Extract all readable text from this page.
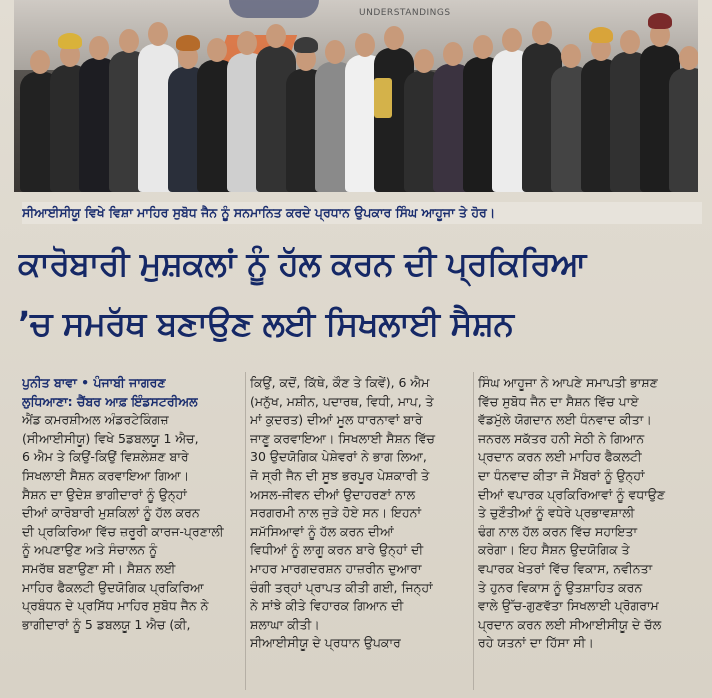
UNDERSTANDINGS
ਸੀਆਈਸੀਯੂ ਵਿਖੇ ਵਿਸ਼ਾ ਮਾਹਿਰ ਸੁਬੋਧ ਜੈਨ ਨੂੰ ਸਨਮਾਨਿਤ ਕਰਦੇ ਪ੍ਰਧਾਨ ਉਪਕਾਰ ਸਿੰਘ ਆਹੂਜਾ ਤੇ ਹੋਰ।
ਕਾਰੋਬਾਰੀ ਮੁਸ਼ਕਲਾਂ ਨੂੰ ਹੱਲ ਕਰਨ ਦੀ ਪ੍ਰਕਿਰਿਆ
’ਚ ਸਮਰੱਥ ਬਣਾਉਣ ਲਈ ਸਿਖਲਾਈ ਸੈਸ਼ਨ

ਪੁਨੀਤ ਬਾਵਾ • ਪੰਜਾਬੀ ਜਾਗਰਣ

ਲੁਧਿਆਣਾ: ਚੈਂਬਰ ਆਫ਼ ਇੰਡਸਟਰੀਅਲ

ਐਂਡ ਕਮਰਸ਼ੀਅਲ ਅੰਡਰਟੇਕਿੰਗਜ਼

(ਸੀਆਈਸੀਯੂ) ਵਿਖੇ 5ਡਬਲਯੂ 1 ਐਚ,

6 ਐਮ ਤੇ ਕਿਉਂ-ਕਿਉਂ ਵਿਸ਼ਲੇਸ਼ਣ ਬਾਰੇ

ਸਿਖਲਾਈ ਸੈਸ਼ਨ ਕਰਵਾਇਆ ਗਿਆ।

ਸੈਸ਼ਨ ਦਾ ਉਦੇਸ਼ ਭਾਗੀਦਾਰਾਂ ਨੂੰ ਉਨ੍ਹਾਂ

ਦੀਆਂ ਕਾਰੋਬਾਰੀ ਮੁਸ਼ਕਿਲਾਂ ਨੂੰ ਹੱਲ ਕਰਨ

ਦੀ ਪ੍ਰਕਿਰਿਆ ਵਿੱਚ ਜ਼ਰੂਰੀ ਕਾਰਜ-ਪ੍ਰਣਾਲੀ

ਨੂੰ ਅਪਣਾਉਣ ਅਤੇ ਸੰਚਾਲਨ ਨੂੰ

ਸਮਰੱਥ ਬਣਾਉਣਾ ਸੀ। ਸੈਸ਼ਨ ਲਈ

ਮਾਹਿਰ ਫੈਕਲਟੀ ਉਦਯੋਗਿਕ ਪ੍ਰਕਿਰਿਆ

ਪ੍ਰਬੰਧਨ ਦੇ ਪ੍ਰਸਿੱਧ ਮਾਹਿਰ ਸੁਬੋਧ ਜੈਨ ਨੇ

ਭਾਗੀਦਾਰਾਂ ਨੂੰ 5 ਡਬਲਯੂ 1 ਐਚ (ਕੀ,

ਕਿਉਂ, ਕਦੋਂ, ਕਿੱਥੇ, ਕੌਣ ਤੇ ਕਿਵੇਂ), 6 ਐਮ

(ਮਨੁੱਖ, ਮਸ਼ੀਨ, ਪਦਾਰਥ, ਵਿਧੀ, ਮਾਪ, ਤੇ

ਮਾਂ ਕੁਦਰਤ) ਦੀਆਂ ਮੂਲ ਧਾਰਨਾਵਾਂ ਬਾਰੇ

ਜਾਣੂ ਕਰਵਾਇਆ। ਸਿਖਲਾਈ ਸੈਸ਼ਨ ਵਿੱਚ

30 ਉਦਯੋਗਿਕ ਪੇਸ਼ੇਵਰਾਂ ਨੇ ਭਾਗ ਲਿਆ,

ਜੋ ਸ੍ਰੀ ਜੈਨ ਦੀ ਸੂਝ ਭਰਪੂਰ ਪੇਸ਼ਕਾਰੀ ਤੇ

ਅਸਲ-ਜੀਵਨ ਦੀਆਂ ਉਦਾਹਰਣਾਂ ਨਾਲ

ਸਰਗਰਮੀ ਨਾਲ ਜੁੜੇ ਹੋਏ ਸਨ। ਇਹਨਾਂ

ਸਮੱਸਿਆਵਾਂ ਨੂੰ ਹੱਲ ਕਰਨ ਦੀਆਂ

ਵਿਧੀਆਂ ਨੂੰ ਲਾਗੂ ਕਰਨ ਬਾਰੇ ਉਨ੍ਹਾਂ ਦੀ

ਮਾਹਰ ਮਾਰਗਦਰਸ਼ਨ ਹਾਜ਼ਰੀਨ ਦੁਆਰਾ

ਚੰਗੀ ਤਰ੍ਹਾਂ ਪ੍ਰਾਪਤ ਕੀਤੀ ਗਈ, ਜਿਨ੍ਹਾਂ

ਨੇ ਸਾਂਝੇ ਕੀਤੇ ਵਿਹਾਰਕ ਗਿਆਨ ਦੀ

ਸ਼ਲਾਘਾ ਕੀਤੀ।

ਸੀਆਈਸੀਯੂ ਦੇ ਪ੍ਰਧਾਨ ਉਪਕਾਰ

ਸਿੰਘ ਆਹੂਜਾ ਨੇ ਆਪਣੇ ਸਮਾਪਤੀ ਭਾਸ਼ਣ

ਵਿੱਚ ਸੁਬੋਧ ਜੈਨ ਦਾ ਸੈਸ਼ਨ ਵਿੱਚ ਪਾਏ

ਵੱਡਮੁੱਲੇ ਯੋਗਦਾਨ ਲਈ ਧੰਨਵਾਦ ਕੀਤਾ।

ਜਨਰਲ ਸਕੱਤਰ ਹਨੀ ਸੇਠੀ ਨੇ ਗਿਆਨ

ਪ੍ਰਦਾਨ ਕਰਨ ਲਈ ਮਾਹਿਰ ਫੈਕਲਟੀ

ਦਾ ਧੰਨਵਾਦ ਕੀਤਾ ਜੋ ਮੈਂਬਰਾਂ ਨੂੰ ਉਨ੍ਹਾਂ

ਦੀਆਂ ਵਪਾਰਕ ਪ੍ਰਕਿਰਿਆਵਾਂ ਨੂੰ ਵਧਾਉਣ

ਤੇ ਚੁਣੌਤੀਆਂ ਨੂੰ ਵਧੇਰੇ ਪ੍ਰਭਾਵਸ਼ਾਲੀ

ਢੰਗ ਨਾਲ ਹੱਲ ਕਰਨ ਵਿੱਚ ਸਹਾਇਤਾ

ਕਰੇਗਾ। ਇਹ ਸੈਸ਼ਨ ਉਦਯੋਗਿਕ ਤੇ

ਵਪਾਰਕ ਖੇਤਰਾਂ ਵਿੱਚ ਵਿਕਾਸ, ਨਵੀਨਤਾ

ਤੇ ਹੁਨਰ ਵਿਕਾਸ ਨੂੰ ਉਤਸ਼ਾਹਿਤ ਕਰਨ

ਵਾਲੇ ਉੱਚ-ਗੁਣਵੱਤਾ ਸਿਖਲਾਈ ਪ੍ਰੋਗਰਾਮ

ਪ੍ਰਦਾਨ ਕਰਨ ਲਈ ਸੀਆਈਸੀਯੂ ਦੇ ਚੱਲ

ਰਹੇ ਯਤਨਾਂ ਦਾ ਹਿੱਸਾ ਸੀ।
